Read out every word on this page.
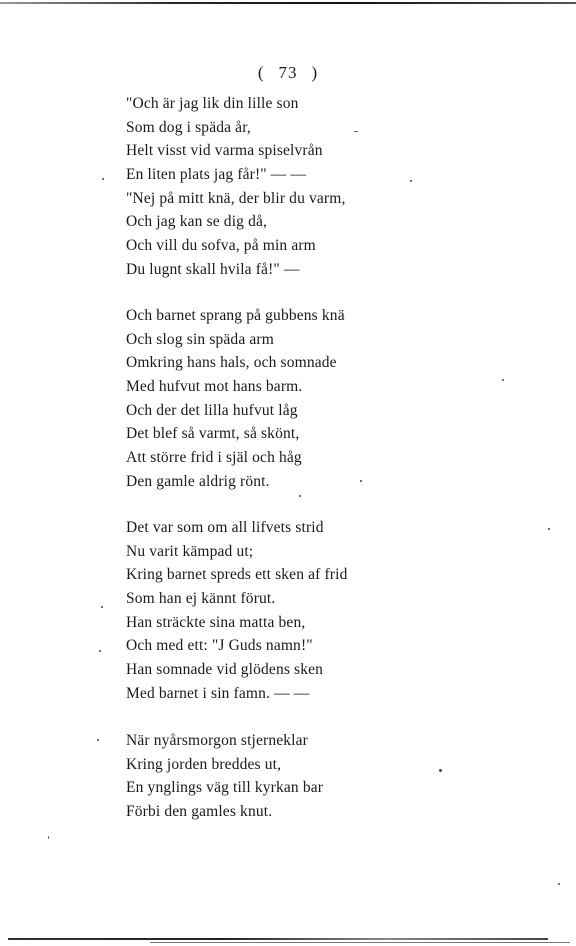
( 73 )
"Och är jag lik din lille son
Som dog i späda år,
Helt visst vid varma spiselvrån
En liten plats jag får!" — —
"Nej på mitt knä, der blir du varm,
Och jag kan se dig då,
Och vill du sofva, på min arm
Du lugnt skall hvila få!" —
Och barnet sprang på gubbens knä
Och slog sin späda arm
Omkring hans hals, och somnade
Med hufvut mot hans barm.
Och der det lilla hufvut låg
Det blef så varmt, så skönt,
Att större frid i själ och håg
Den gamle aldrig rönt.
Det var som om all lifvets strid
Nu varit kämpad ut;
Kring barnet spreds ett sken af frid
Som han ej kännt förut.
Han sträckte sina matta ben,
Och med ett: "J Guds namn!"
Han somnade vid glödens sken
Med barnet i sin famn. — —
När nyårsmorgon stjerneklar
Kring jorden breddes ut,
En ynglings väg till kyrkan bar
Förbi den gamles knut.
